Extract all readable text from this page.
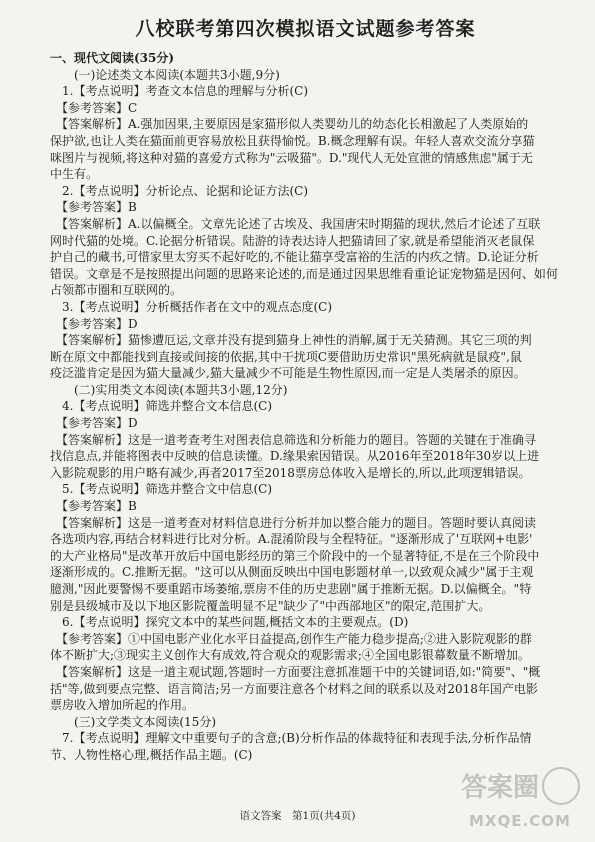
八校联考第四次模拟语文试题参考答案
一、现代文阅读(35分)
　　(一)论述类文本阅读(本题共3小题,9分)
　1.【考点说明】考查文本信息的理解与分析(C)
　【参考答案】C
　【答案解析】A.强加因果,主要原因是家猫形似人类婴幼儿的幼态化长相激起了人类原始的
保护欲,也让人类在猫面前更容易放松且获得愉悦。B.概念理解有误。年轻人喜欢交流分享猫
咪图片与视频,将这种对猫的喜爱方式称为"云吸猫"。D."现代人无处宣泄的情感焦虑"属于无
中生有。
　2.【考点说明】分析论点、论据和论证方法(C)
　【参考答案】B
　【答案解析】A.以偏概全。文章先论述了古埃及、我国唐宋时期猫的现状,然后才论述了互联
网时代猫的处境。C.论据分析错误。陆游的诗表达诗人把猫请回了家,就是希望能消灭老鼠保
护自己的藏书,可惜家里太穷买不起好吃的,不能让猫享受富裕的生活的内疚之情。D.论证分析
错误。文章是不是按照提出问题的思路来论述的,而是通过因果思维看重论证宠物猫是因何、如何
占领都市圈和互联网的。
　3.【考点说明】分析概括作者在文中的观点态度(C)
　【参考答案】D
　【答案解析】猫惨遭厄运,文章并没有提到猫身上神性的消解,属于无关猜测。其它三项的判
断在原文中都能找到直接或间接的依据,其中干扰项C要借助历史常识"黑死病就是鼠疫",鼠
疫泛滥肯定是因为猫大量减少,猫大量减少不可能是生物性原因,而一定是人类屠杀的原因。
　　(二)实用类文本阅读(本题共3小题,12分)
　4.【考点说明】筛选并整合文本信息(C)
　【参考答案】D
　【答案解析】这是一道考查考生对图表信息筛选和分析能力的题目。答题的关键在于准确寻
找信息点,并能将图表中反映的信息读懂。D.缘果索因错误。从2016年至2018年30岁以上进
入影院观影的用户略有减少,再者2017至2018票房总体收入是增长的,所以,此项逻辑错误。
　5.【考点说明】筛选并整合文中信息(C)
　【参考答案】B
　【答案解析】这是一道考查对材料信息进行分析并加以整合能力的题目。答题时要认真阅读
各选项内容,再结合材料进行比对分析。A.混淆阶段与全程特征。"逐渐形成了'互联网+电影'
的大产业格局"是改革开放后中国电影经历的第三个阶段中的一个显著特征,不是在三个阶段中
逐渐形成的。C.推断无据。"这可以从侧面反映出中国电影题材单一,以致观众减少"属于主观
臆测,"因此要警惕不要重蹈市场萎缩,票房不佳的历史悲剧"属于推断无据。D.以偏概全。"特
别是县级城市及以下地区影院覆盖明显不足"缺少了"中西部地区"的限定,范围扩大。
　6.【考点说明】探究文本中的某些问题,概括文本的主要观点。(D)
　【参考答案】①中国电影产业化水平日益提高,创作生产能力稳步提高;②进入影院观影的群
体不断扩大;③现实主义创作大有成效,符合观众的观影需求;④全国电影银幕数量不断增加。
　【答案解析】这是一道主观试题,答题时一方面要注意抓准题干中的关键词语,如:"简要"、"概
括"等,做到要点完整、语言简洁;另一方面要注意各个材料之间的联系以及对2018年国产电影
票房收入增加所起的作用。
　　(三)文学类文本阅读(15分)
　7.【考点说明】理解文中重要句子的含意;(B)分析作品的体裁特征和表现手法,分析作品情
节、人物性格心理,概括作品主题。(C)
语文答案　第1页(共4页)
答案圈
MXQE.COM
